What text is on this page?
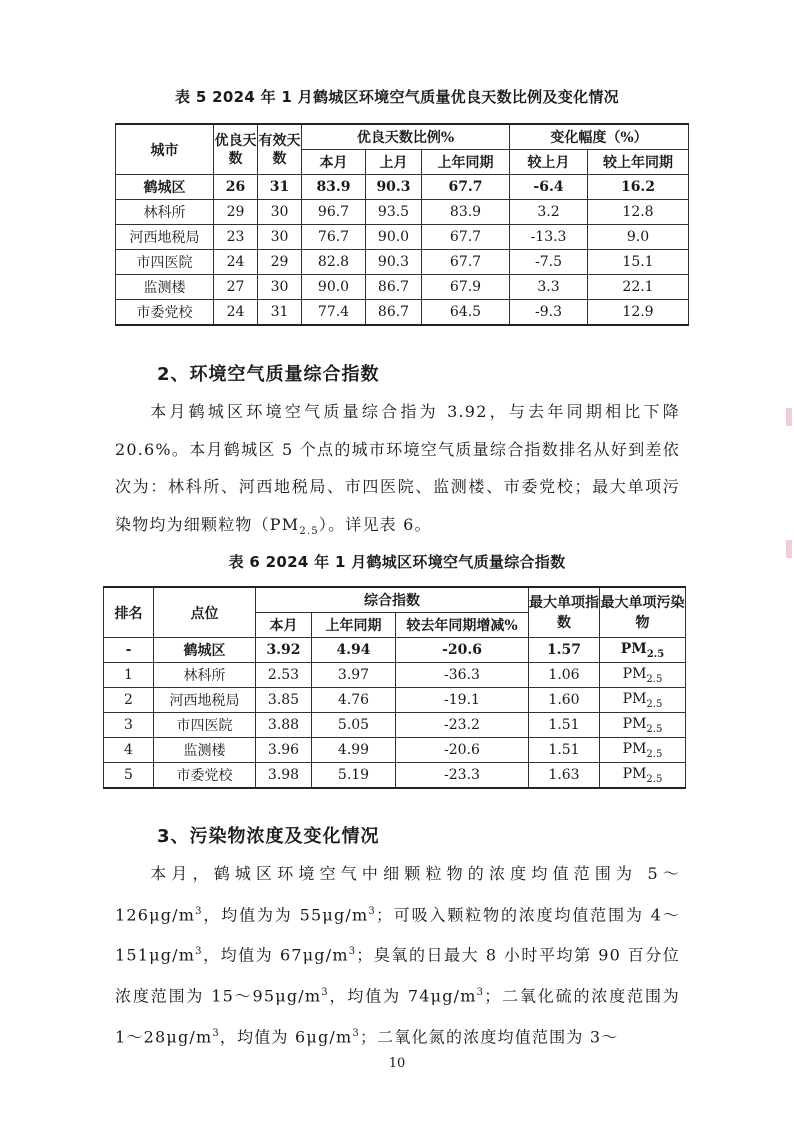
表 5 2024 年 1 月鹤城区环境空气质量优良天数比例及变化情况
城市	优良天数	有效天数	优良天数比例%			变化幅度（%）	
			本月	上月	上年同期	较上月	较上年同期
鹤城区	26	31	83.9	90.3	67.7	-6.4	16.2
林科所	29	30	96.7	93.5	83.9	3.2	12.8
河西地税局	23	30	76.7	90.0	67.7	-13.3	9.0
市四医院	24	29	82.8	90.3	67.7	-7.5	15.1
监测楼	27	30	90.0	86.7	67.9	3.3	22.1
市委党校	24	31	77.4	86.7	64.5	-9.3	12.9
2、环境空气质量综合指数
本月鹤城区环境空气质量综合指为 3.92，与去年同期相比下降 20.6%。本月鹤城区 5 个点的城市环境空气质量综合指数排名从好到差依次为：林科所、河西地税局、市四医院、监测楼、市委党校；最大单项污染物均为细颗粒物$(PM_{2.5})$。详见表 6。
表 6 2024 年 1 月鹤城区环境空气质量综合指数
排名	点位	综合指数			最大单项指数	最大单项污染物
		本月	上年同期	较去年同期增减%		
-	鹤城区	3.92	4.94	-20.6	1.57	$PM_{2.5}$
1	林科所	2.53	3.97	-36.3	1.06	$PM_{2.5}$
2	河西地税局	3.85	4.76	-19.1	1.60	$PM_{2.5}$
3	市四医院	3.88	5.05	-23.2	1.51	$PM_{2.5}$
4	监测楼	3.96	4.99	-20.6	1.51	$PM_{2.5}$
5	市委党校	3.98	5.19	-23.3	1.63	$PM_{2.5}$
3、污染物浓度及变化情况
本月，鹤城区环境空气中细颗粒物的浓度均值范围为 $5\sim 126\mu g/m^3$，均值为为 $55\mu g/m^3$；可吸入颗粒物的浓度均值范围为 $4\sim 151\mu g/m^3$，均值为 $67\mu g/m^3$；臭氧的日最大 8 小时平均第 90 百分位浓度范围为 $15\sim 95\mu g/m^3$，均值为 $74\mu g/m^3$；二氧化硫的浓度范围为 $1\sim 28\mu g/m^3$，均值为 $6\mu g/m^3$；二氧化氮的浓度均值范围为 3～
10
